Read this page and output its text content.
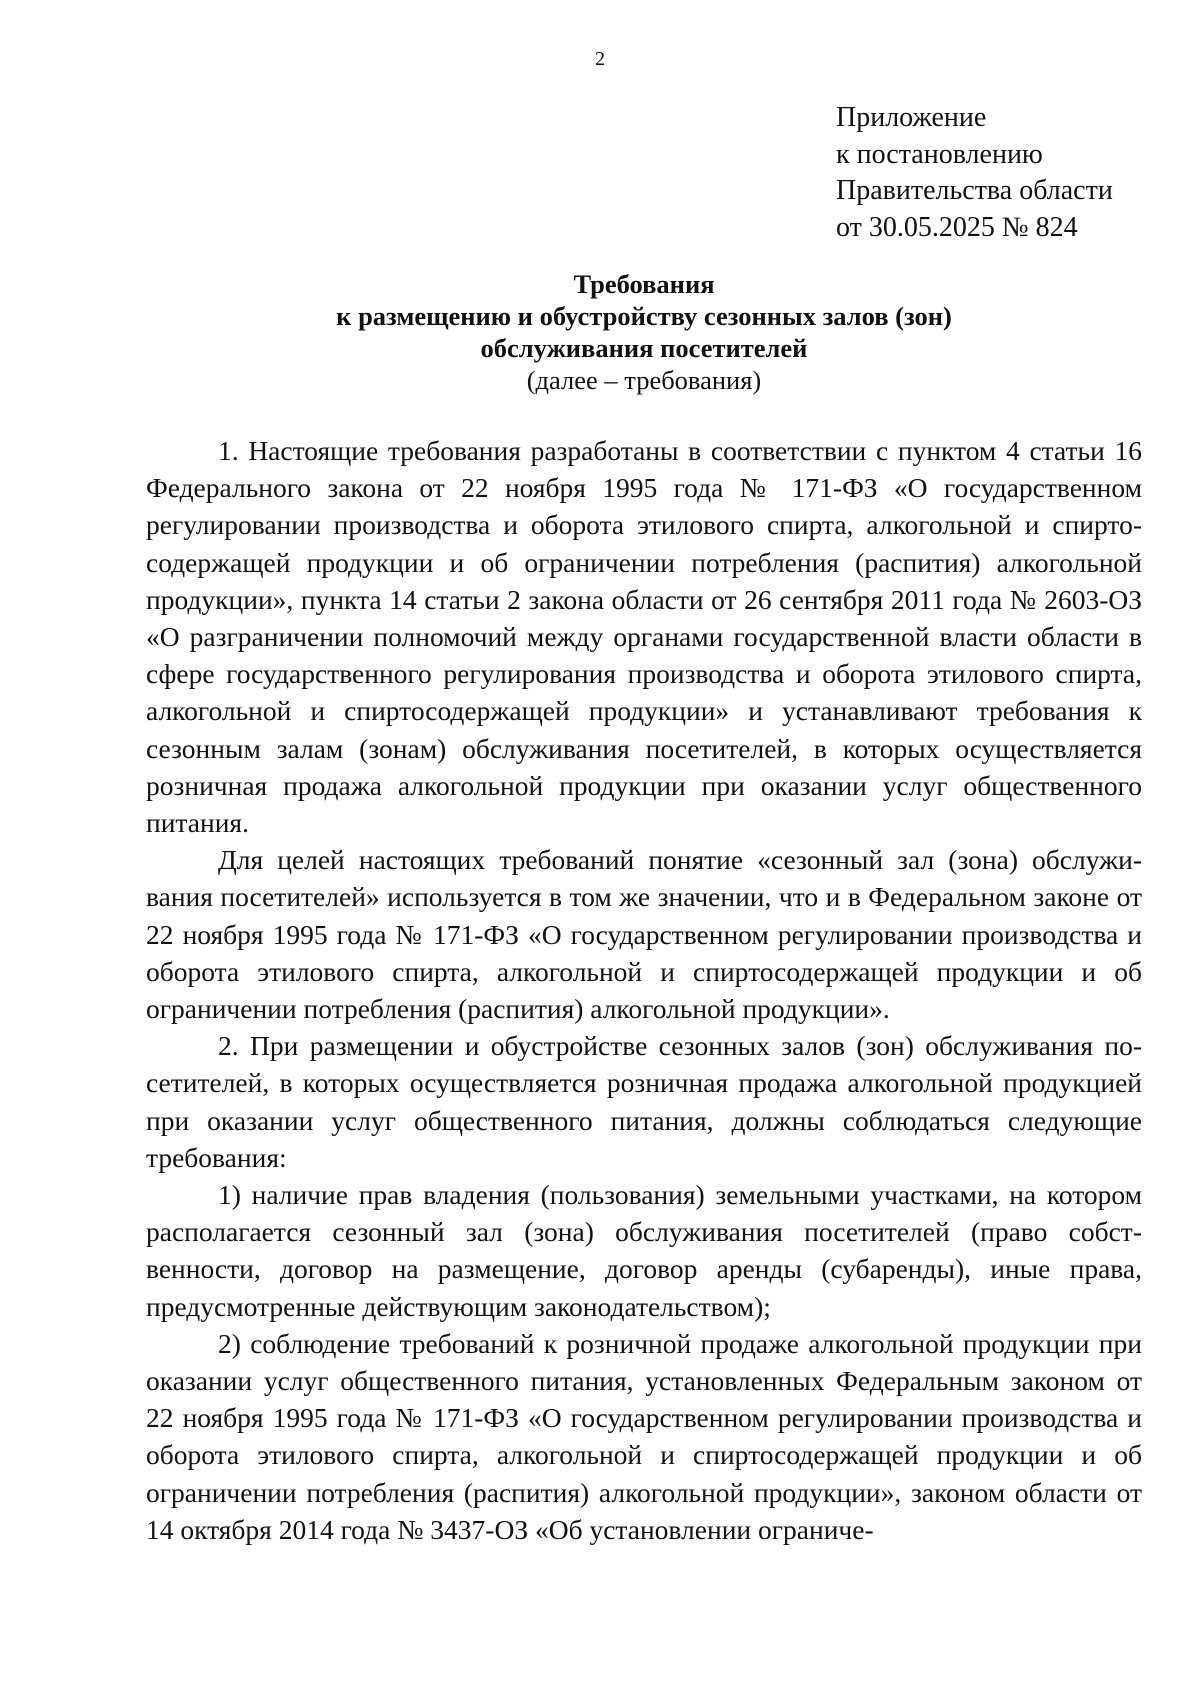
2
Приложение
к постановлению
Правительства области
от 30.05.2025 № 824
Требования
к размещению и обустройству сезонных залов (зон)
обслуживания посетителей
(далее – требования)

1. Настоящие требования разработаны в соответствии с пунктом 4 статьи 16 Федерального закона от 22 ноября 1995 года № 171-ФЗ «О государственном регулировании производства и оборота этилового спирта, алкогольной и спиртосодержащей продукции и об ограничении потребления (распития) алкогольной продукции», пункта 14 статьи 2 закона области от 26 сентября 2011 года № 2603-ОЗ «О разграничении полномочий между органами государственной власти области в сфере государственного регулирования производства и оборота этилового спирта, алкогольной и спиртосодержащей продукции» и устанавливают требования к сезонным залам (зонам) обслуживания посетителей, в которых осуществляется розничная продажа алкогольной продукции при оказании услуг общественного питания.

Для целей настоящих требований понятие «сезонный зал (зона) обслуживания посетителей» используется в том же значении, что и в Федеральном законе от 22 ноября 1995 года № 171-ФЗ «О государственном регулировании производства и оборота этилового спирта, алкогольной и спиртосодержащей продукции и об ограничении потребления (распития) алкогольной продукции».

2. При размещении и обустройстве сезонных залов (зон) обслуживания посетителей, в которых осуществляется розничная продажа алкогольной продукцией при оказании услуг общественного питания, должны соблюдаться следующие требования:

1) наличие прав владения (пользования) земельными участками, на котором располагается сезонный зал (зона) обслуживания посетителей (право собственности, договор на размещение, договор аренды (субаренды), иные права, предусмотренные действующим законодательством);

2) соблюдение требований к розничной продаже алкогольной продукции при оказании услуг общественного питания, установленных Федеральным законом от 22 ноября 1995 года № 171-ФЗ «О государственном регулировании производства и оборота этилового спирта, алкогольной и спиртосодержащей продукции и об ограничении потребления (распития) алкогольной продукции», законом области от 14 октября 2014 года № 3437-ОЗ «Об установлении ограниче-
